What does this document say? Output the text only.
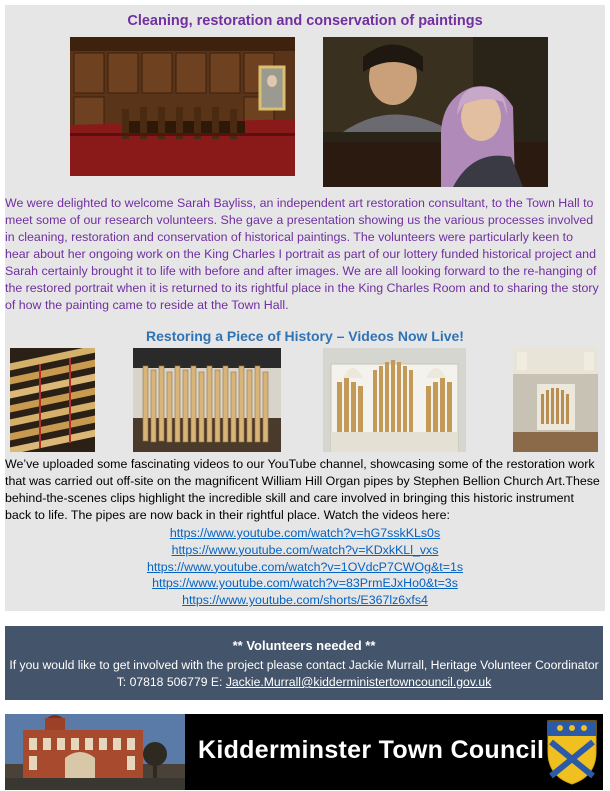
Cleaning, restoration and conservation of paintings

We were delighted to welcome Sarah Bayliss, an independent art restoration consultant, to the Town Hall to meet some of our research volunteers. She gave a presentation showing us the various processes involved in cleaning, restoration and conservation of historical paintings. The volunteers were particularly keen to hear about her ongoing work on the King Charles I portrait as part of our lottery funded historical project and Sarah certainly brought it to life with before and after images. We are all looking forward to the re-hanging of the restored portrait when it is returned to its rightful place in the King Charles Room and to sharing the story of how the painting came to reside at the Town Hall.

Restoring a Piece of History – Videos Now Live!

We’ve uploaded some fascinating videos to our YouTube channel, showcasing some of the restoration work that was carried out off-site on the magnificent William Hill Organ pipes by Stephen Bellion Church Art.These behind-the-scenes clips highlight the incredible skill and care involved in bringing this historic instrument back to life. The pipes are now back in their rightful place. Watch the videos here:

https://www.youtube.com/watch?v=hG7sskKLs0s
https://www.youtube.com/watch?v=KDxkKLl_vxs
https://www.youtube.com/watch?v=1OVdcP7CWOg&t=1s
https://www.youtube.com/watch?v=83PrmEJxHo0&t=3s
https://www.youtube.com/shorts/E367lz6xfs4
** Volunteers needed **
If you would like to get involved with the project please contact Jackie Murrall, Heritage Volunteer Coordinator T: 07818 506779 E: Jackie.Murrall@kidderministertowncouncil.gov.uk
Kidderminster Town Council
